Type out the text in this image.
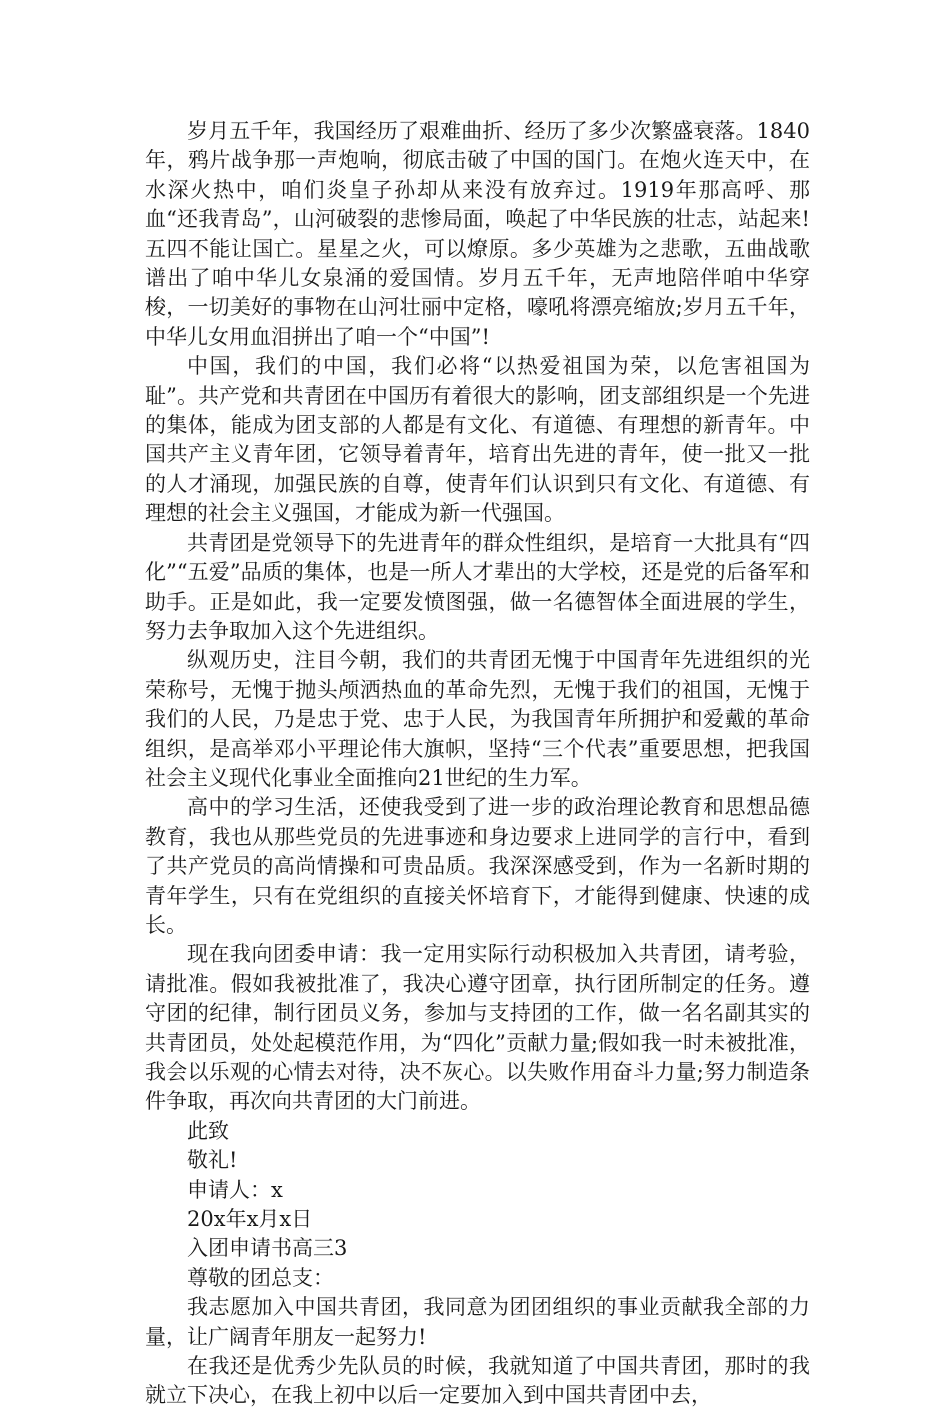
岁月五千年，我国经历了艰难曲折、经历了多少次繁盛衰落。1840年，鸦片战争那一声炮响，彻底击破了中国的国门。在炮火连天中，在水深火热中，咱们炎皇子孙却从来没有放弃过。1919年那高呼、那血“还我青岛”，山河破裂的悲惨局面，唤起了中华民族的壮志，站起来!五四不能让国亡。星星之火，可以燎原。多少英雄为之悲歌，五曲战歌谱出了咱中华儿女泉涌的爱国情。岁月五千年，无声地陪伴咱中华穿梭，一切美好的事物在山河壮丽中定格，嚎吼将漂亮缩放;岁月五千年，中华儿女用血泪拼出了咱一个“中国”!

中国，我们的中国，我们必将“以热爱祖国为荣，以危害祖国为耻”。共产党和共青团在中国历有着很大的影响，团支部组织是一个先进的集体，能成为团支部的人都是有文化、有道德、有理想的新青年。中国共产主义青年团，它领导着青年，培育出先进的青年，使一批又一批的人才涌现，加强民族的自尊，使青年们认识到只有文化、有道德、有理想的社会主义强国，才能成为新一代强国。

共青团是党领导下的先进青年的群众性组织，是培育一大批具有“四化”“五爱”品质的集体，也是一所人才辈出的大学校，还是党的后备军和助手。正是如此，我一定要发愤图强，做一名德智体全面进展的学生，努力去争取加入这个先进组织。

纵观历史，注目今朝，我们的共青团无愧于中国青年先进组织的光荣称号，无愧于抛头颅洒热血的革命先烈，无愧于我们的祖国，无愧于我们的人民，乃是忠于党、忠于人民，为我国青年所拥护和爱戴的革命组织，是高举邓小平理论伟大旗帜，坚持“三个代表”重要思想，把我国社会主义现代化事业全面推向21世纪的生力军。

高中的学习生活，还使我受到了进一步的政治理论教育和思想品德教育，我也从那些党员的先进事迹和身边要求上进同学的言行中，看到了共产党员的高尚情操和可贵品质。我深深感受到，作为一名新时期的青年学生，只有在党组织的直接关怀培育下，才能得到健康、快速的成长。

现在我向团委申请：我一定用实际行动积极加入共青团，请考验，请批准。假如我被批准了，我决心遵守团章，执行团所制定的任务。遵守团的纪律，制行团员义务，参加与支持团的工作，做一名名副其实的共青团员，处处起模范作用，为“四化”贡献力量;假如我一时未被批准，我会以乐观的心情去对待，决不灰心。以失败作用奋斗力量;努力制造条件争取，再次向共青团的大门前进。

此致

敬礼!

申请人：x

20x年x月x日

入团申请书高三3

尊敬的团总支：

我志愿加入中国共青团，我同意为团团组织的事业贡献我全部的力量，让广阔青年朋友一起努力!

在我还是优秀少先队员的时候，我就知道了中国共青团，那时的我就立下决心，在我上初中以后一定要加入到中国共青团中去，
